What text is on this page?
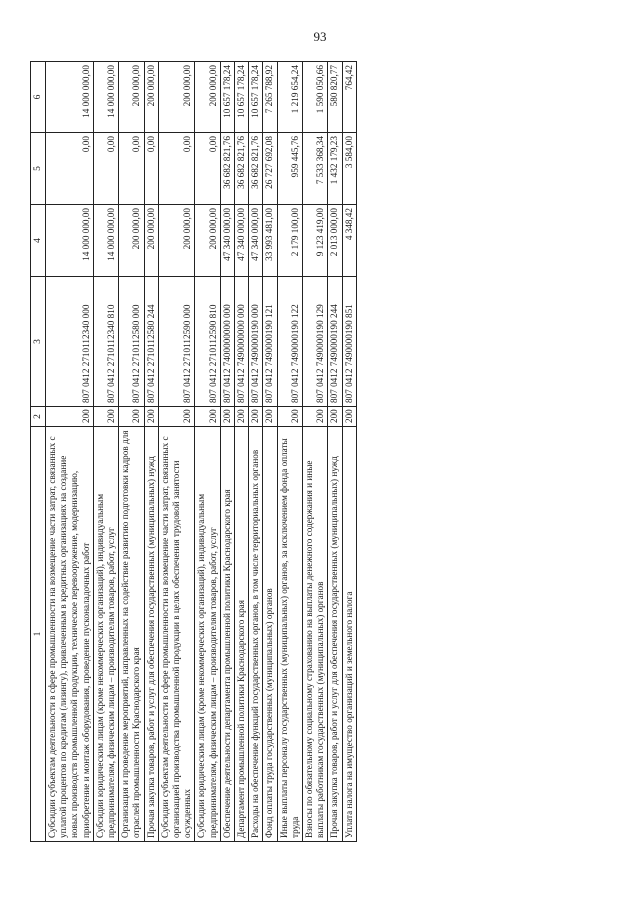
93
1	2	3	4	5	6
Субсидии субъектам деятельности в сфере промышленности на возмещение части затрат, связанных с уплатой процентов по кредитам (лизингу), привлеченным в кредитных организациях на создание новых производств промышленной продукции, техническое перевооружение, модернизацию, приобретение и монтаж оборудования, проведение пусконаладочных работ	200	807 0412 2710112340 000	14 000 000,00	0,00	14 000 000,00
Субсидии юридическим лицам (кроме некоммерческих организаций), индивидуальным предпринимателям, физическим лицам – производителям товаров, работ, услуг	200	807 0412 2710112340 810	14 000 000,00	0,00	14 000 000,00
Организация и проведение мероприятий, направленных на содействие развитию подготовки кадров для отраслей промышленности Краснодарского края	200	807 0412 2710112580 000	200 000,00	0,00	200 000,00
Прочая закупка товаров, работ и услуг для обеспечения государственных (муниципальных) нужд	200	807 0412 2710112580 244	200 000,00	0,00	200 000,00
Субсидии субъектам деятельности в сфере промышленности на возмещение части затрат, связанных с организацией производства промышленной продукции в целях обеспечения трудовой занятости осужденных	200	807 0412 2710112590 000	200 000,00	0,00	200 000,00
Субсидии юридическим лицам (кроме некоммерческих организаций), индивидуальным предпринимателям, физическим лицам – производителям товаров, работ, услуг	200	807 0412 2710112590 810	200 000,00	0,00	200 000,00
Обеспечение деятельности департамента промышленной политики Краснодарского края	200	807 0412 7400000000 000	47 340 000,00	36 682 821,76	10 657 178,24
Департамент промышленной политики Краснодарского края	200	807 0412 7490000000 000	47 340 000,00	36 682 821,76	10 657 178,24
Расходы на обеспечение функций государственных органов, в том числе территориальных органов	200	807 0412 7490000190 000	47 340 000,00	36 682 821,76	10 657 178,24
Фонд оплаты труда государственных (муниципальных) органов	200	807 0412 7490000190 121	33 993 481,00	26 727 692,08	7 265 788,92
Иные выплаты персоналу государственных (муниципальных) органов, за исключением фонда оплаты труда	200	807 0412 7490000190 122	2 179 100,00	959 445,76	1 219 654,24
Взносы по обязательному социальному страхованию на выплаты денежного содержания и иные выплаты работникам государственных (муниципальных) органов	200	807 0412 7490000190 129	9 123 419,00	7 533 368,34	1 590 050,66
Прочая закупка товаров, работ и услуг для обеспечения государственных (муниципальных) нужд	200	807 0412 7490000190 244	2 013 000,00	1 432 179,23	580 820,77
Уплата налога на имущество организаций и земельного налога	200	807 0412 7490000190 851	4 348,42	3 584,00	764,42
